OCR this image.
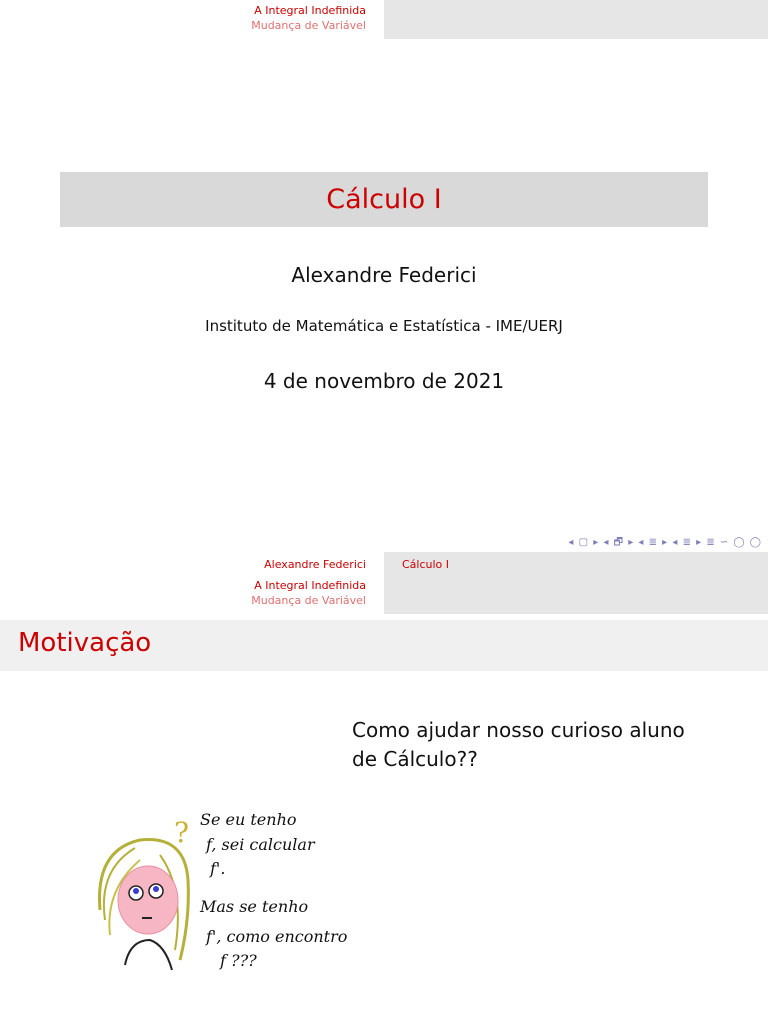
A Integral Indefinida
Mudança de Variável
Cálculo I
Alexandre Federici
Instituto de Matemática e Estatística - IME/UERJ
4 de novembro de 2021
◂ ▢ ▸ ◂ 🗗 ▸ ◂ ≣ ▸ ◂ ≣ ▸ ≣ ∽ ◯ ◯
Alexandre Federici	Cálculo I
A Integral Indefinida
Mudança de Variável
Motivação
Como ajudar nosso curioso aluno de Cálculo??
? Se eu tenho
f, sei calcular
f'.
Mas se tenho
f', como encontro
f ???
